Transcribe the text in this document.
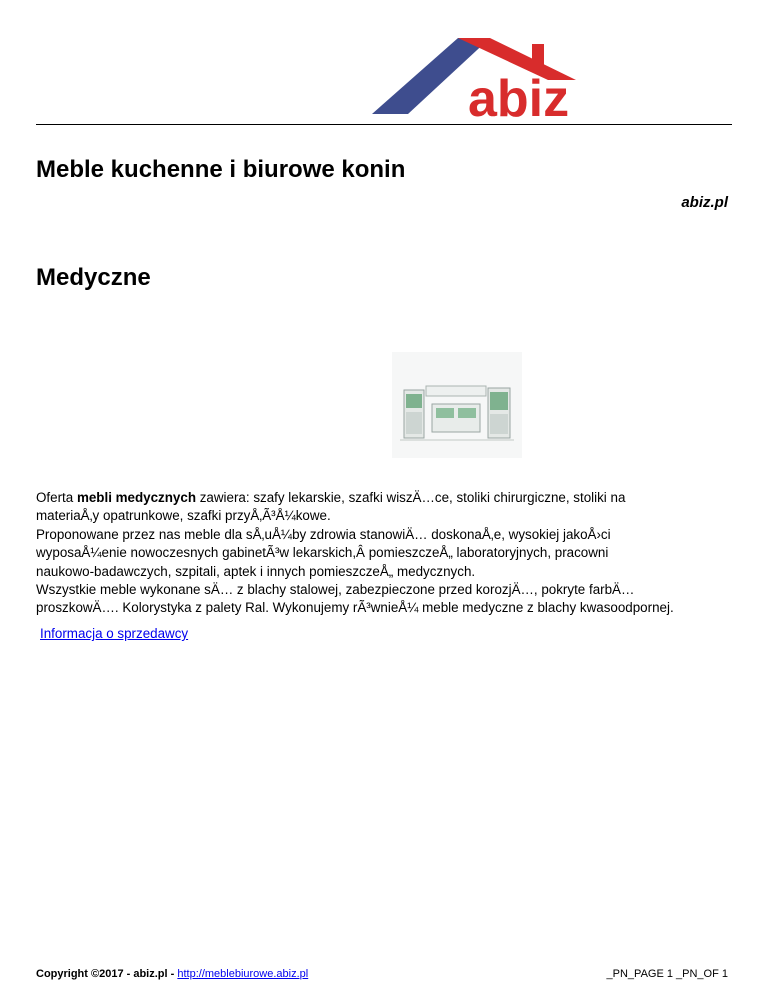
abiz
Meble kuchenne i biurowe konin
abiz.pl
Medyczne

Oferta mebli medycznych zawiera: szafy lekarskie, szafki wiszÄ…ce, stoliki chirurgiczne, stoliki na

materiaÅ‚y opatrunkowe, szafki przyÅ‚Ã³Å¼kowe.

Proponowane przez nas meble dla sÅ‚uÅ¼by zdrowia stanowiÄ… doskonaÅ‚e, wysokiej jakoÅ›ci

wyposaÅ¼enie nowoczesnych gabinetÃ³w lekarskich,Â pomieszczeÅ„ laboratoryjnych, pracowni

naukowo-badawczych, szpitali, aptek i innych pomieszczeÅ„ medycznych.

Wszystkie meble wykonane sÄ… z blachy stalowej, zabezpieczone przed korozjÄ…, pokryte farbÄ…

proszkowÄ…. Kolorystyka z palety Ral. Wykonujemy rÃ³wnieÅ¼ meble medyczne z blachy kwasoodpornej.

Informacja o sprzedawcy
Copyright ©2017 - abiz.pl - http://meblebiurowe.abiz.pl	_PN_PAGE 1 _PN_OF 1
